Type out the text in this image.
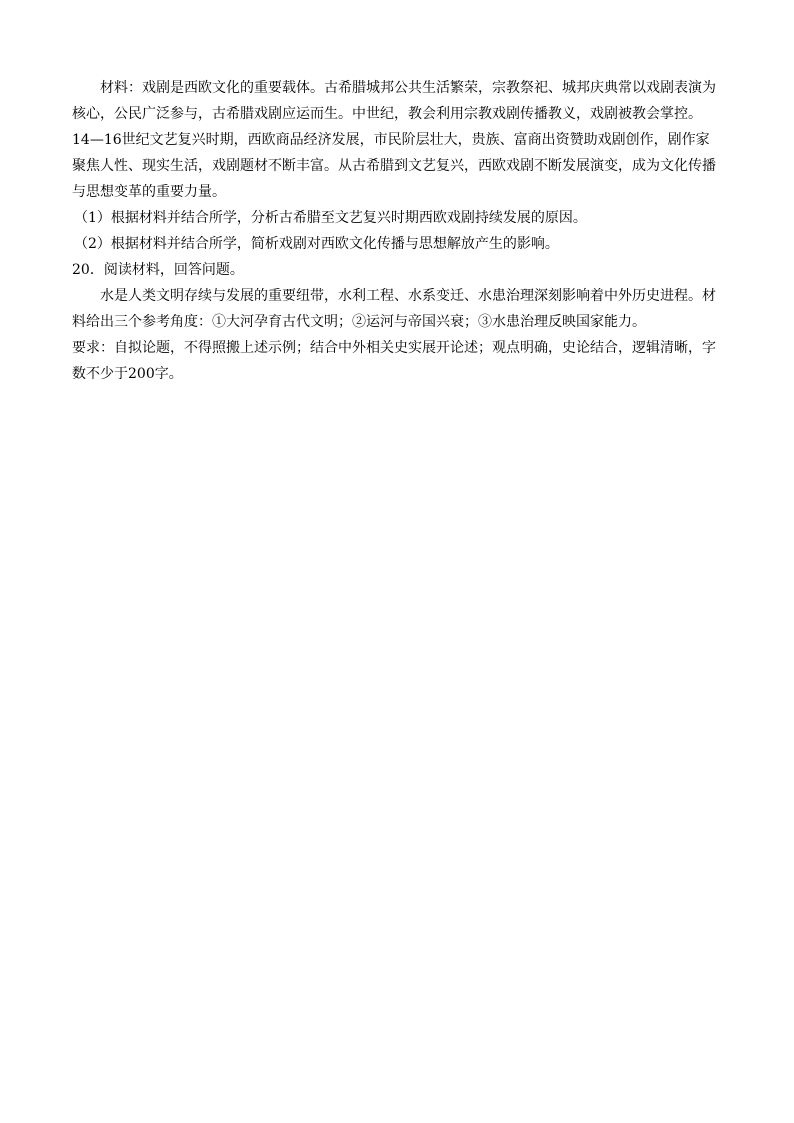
材料：戏剧是西欧文化的重要载体。古希腊城邦公共生活繁荣，宗教祭祀、城邦庆典常以戏剧表演为核心，公民广泛参与，古希腊戏剧应运而生。中世纪，教会利用宗教戏剧传播教义，戏剧被教会掌控。

14—16世纪文艺复兴时期，西欧商品经济发展，市民阶层壮大，贵族、富商出资赞助戏剧创作，剧作家聚焦人性、现实生活，戏剧题材不断丰富。从古希腊到文艺复兴，西欧戏剧不断发展演变，成为文化传播与思想变革的重要力量。

（1）根据材料并结合所学，分析古希腊至文艺复兴时期西欧戏剧持续发展的原因。

（2）根据材料并结合所学，简析戏剧对西欧文化传播与思想解放产生的影响。

20．阅读材料，回答问题。

水是人类文明存续与发展的重要纽带，水利工程、水系变迁、水患治理深刻影响着中外历史进程。材料给出三个参考角度：①大河孕育古代文明；②运河与帝国兴衰；③水患治理反映国家能力。

要求：自拟论题，不得照搬上述示例；结合中外相关史实展开论述；观点明确，史论结合，逻辑清晰，字数不少于200字。
